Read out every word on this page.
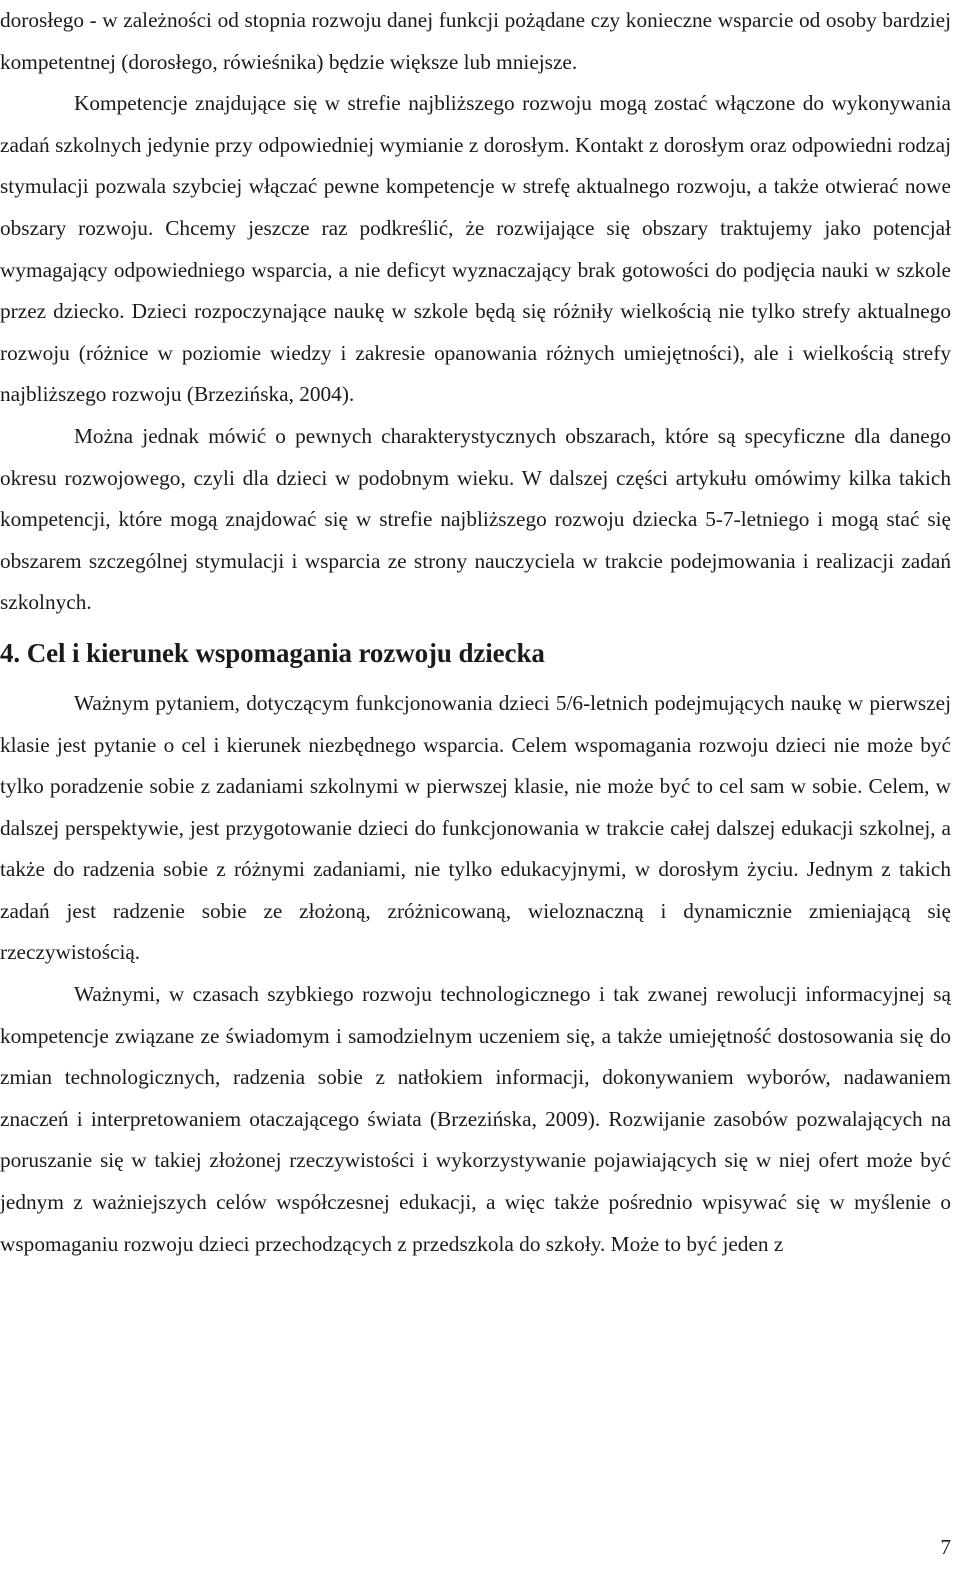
dorosłego - w zależności od stopnia rozwoju danej funkcji pożądane czy konieczne wsparcie od osoby bardziej kompetentnej (dorosłego, rówieśnika) będzie większe lub mniejsze.

Kompetencje znajdujące się w strefie najbliższego rozwoju mogą zostać włączone do wykonywania zadań szkolnych jedynie przy odpowiedniej wymianie z dorosłym. Kontakt z dorosłym oraz odpowiedni rodzaj stymulacji pozwala szybciej włączać pewne kompetencje w strefę aktualnego rozwoju, a także otwierać nowe obszary rozwoju. Chcemy jeszcze raz podkreślić, że rozwijające się obszary traktujemy jako potencjał wymagający odpowiedniego wsparcia, a nie deficyt wyznaczający brak gotowości do podjęcia nauki w szkole przez dziecko. Dzieci rozpoczynające naukę w szkole będą się różniły wielkością nie tylko strefy aktualnego rozwoju (różnice w poziomie wiedzy i zakresie opanowania różnych umiejętności), ale i wielkością strefy najbliższego rozwoju (Brzezińska, 2004).

Można jednak mówić o pewnych charakterystycznych obszarach, które są specyficzne dla danego okresu rozwojowego, czyli dla dzieci w podobnym wieku. W dalszej części artykułu omówimy kilka takich kompetencji, które mogą znajdować się w strefie najbliższego rozwoju dziecka 5-7-letniego i mogą stać się obszarem szczególnej stymulacji i wsparcia ze strony nauczyciela w trakcie podejmowania i realizacji zadań szkolnych.

4. Cel i kierunek wspomagania rozwoju dziecka

Ważnym pytaniem, dotyczącym funkcjonowania dzieci 5/6-letnich podejmujących naukę w pierwszej klasie jest pytanie o cel i kierunek niezbędnego wsparcia. Celem wspomagania rozwoju dzieci nie może być tylko poradzenie sobie z zadaniami szkolnymi w pierwszej klasie, nie może być to cel sam w sobie. Celem, w dalszej perspektywie, jest przygotowanie dzieci do funkcjonowania w trakcie całej dalszej edukacji szkolnej, a także do radzenia sobie z różnymi zadaniami, nie tylko edukacyjnymi, w dorosłym życiu. Jednym z takich zadań jest radzenie sobie ze złożoną, zróżnicowaną, wieloznaczną i dynamicznie zmieniającą się rzeczywistością.

Ważnymi, w czasach szybkiego rozwoju technologicznego i tak zwanej rewolucji informacyjnej są kompetencje związane ze świadomym i samodzielnym uczeniem się, a także umiejętność dostosowania się do zmian technologicznych, radzenia sobie z natłokiem informacji, dokonywaniem wyborów, nadawaniem znaczeń i interpretowaniem otaczającego świata (Brzezińska, 2009). Rozwijanie zasobów pozwalających na poruszanie się w takiej złożonej rzeczywistości i wykorzystywanie pojawiających się w niej ofert może być jednym z ważniejszych celów współczesnej edukacji, a więc także pośrednio wpisywać się w myślenie o wspomaganiu rozwoju dzieci przechodzących z przedszkola do szkoły. Może to być jeden z

7
